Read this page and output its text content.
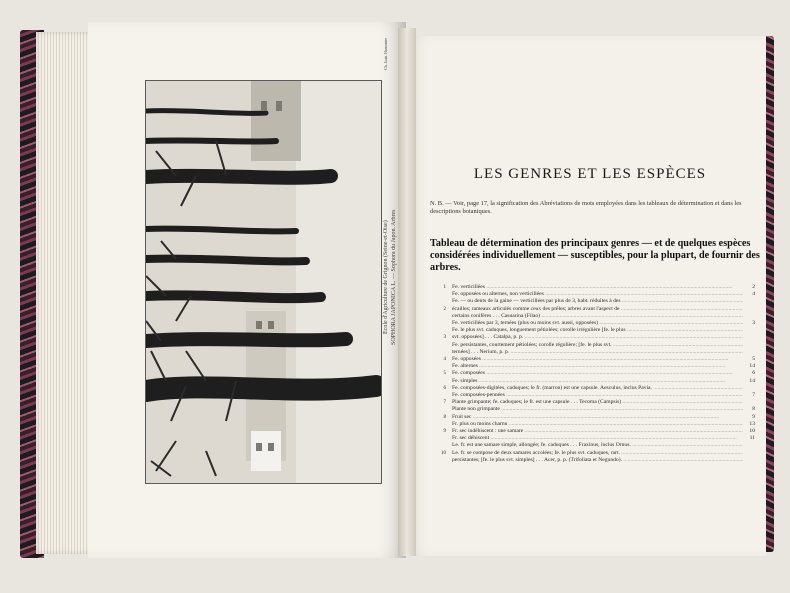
École d'Agriculture de Grignon (Seine-et-Oise) SOPHORA JAPONICA L. — Sophora du Japon. Arbres
Ch. Joan. Hamonier
LES GENRES ET LES ESPÈCES
N. B. — Voir, page 17, la signification des Abréviations de mots employées dans les tableaux de détermination et dans les descriptions botaniques.
Tableau de détermination des principaux genres — et de quelques espèces considérées individuellement — susceptibles, pour la plupart, de fournir des arbres.
1	Fe. verticillées .....	2
Fe. opposées ou alternes, non verticillées .....	4
Fe. — ou dents de la gaine — verticillées par plus de 3, habt. réduites à des .....
2	écailles; rameaux articulés comme ceux des prêles; arbres avant l'aspect de .....
certains conifères . . . Casuarina (Filao) .....
Fe. verticillées par 3, ternées (plus ou moins svt. aussi, opposées) .....	3
Fe. le plus svt. caduques, longuement pétiolées; corolle irrégulière [fe. le plus .....
3	svt. opposées] . . . Catalpa, p. p. .....
Fe. persistantes, courtement pétiolées; corolle régulière; [fe. le plus svt. .....
ternées] . . . Nerium, p. p. .....
4	Fe. opposées .....	5
Fe. alternes .....	14
5	Fe. composées .....	6
Fe. simples .....	14
6	Fe. composées-digitées, caduques; le fr. (marron) est une capsule. Aesculus, inclus Pavia. .....
Fe. composées-pennées .....	7
7	Plante grimpante; fe. caduques; le fr. est une capsule . . . Tecoma (Campsis) .....
Plante non grimpante .....	8
8	Fruit sec .....	9
Fr. plus ou moins charnu .....	13
9	Fr. sec indéhiscent : une samare .....	10
Fr. sec déhiscent .....	11
Le. fr. est une samare simple, allongée; fe. caduques . . . Fraxinus, inclus Ornus. .....
10	Le. fr. se compose de deux samares accolées; fe. le plus svt. caduques, rart. .....
persistantes; [fe. le plus svt. simples] . . . Acer, p. p. (Trifoliata et Negundo). .....
